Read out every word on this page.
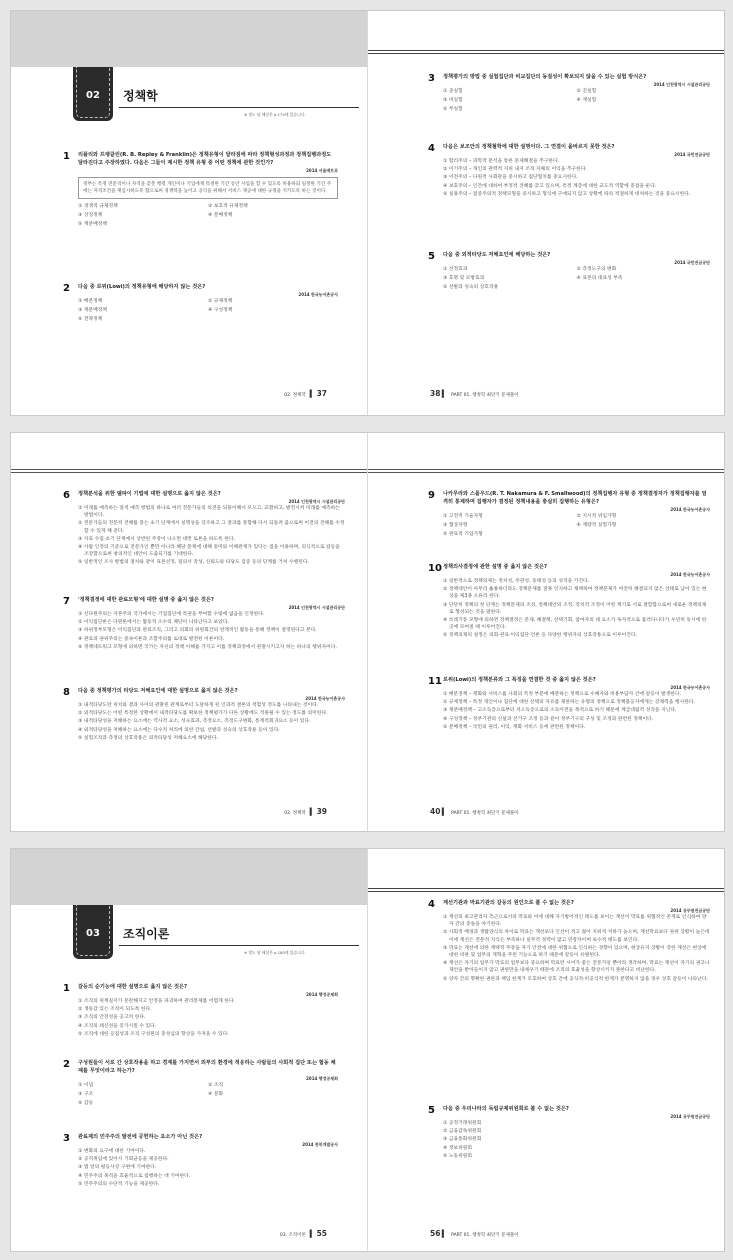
02	정책학
※ 별도 답 해설은 p.174에 있습니다.
1 리플리와 프랭클린(R. B. Repley & Franklin)은 정책유형이 달라짐에 따라 정책형성과정과 정책집행과정도 달라진다고 주장하였다. 다음은 그들이 제시한 정책 유형 중 어떤 정책에 관한 것인가?
2014 서울메트로
정부는 특정 전문직이나 자격을 갖춘 행렬 개인이나 기업에게 특정한 기간 동안 사업을 할 수 있도록 허용하되 일정한 기간 주에는 자격조건을 재심사하도록 함으로써 경쟁력을 높이고 공익을 위해서 서비스 제공에 대한 규정을 지키도록 하는 것이다.
① 경쟁적 규제정책	② 보호적 규제정책
③ 상징정책	④ 분배정책
⑤ 재분배정책
2 다음 중 로위(Lowi)의 정책유형에 해당하지 않는 것은?
2014 한국농어촌공사
① 배분정책	② 규제정책
③ 재분배정책	④ 구성정책
⑤ 전략정책
02. 정책학  ▍ 37
3 정책평가의 방법 중 실험집단과 비교집단의 동질성이 확보되지 않을 수 있는 실험 방식은?
2014 인천광역시 시설관리공단
① 준실험	② 진실험
③ 비실험	④ 재실험
⑤ 무실험
4 다음은 보조안의 정책철학에 대한 설명이다. 그 연결이 올바르지 못한 것은?
2014 국민연금공단
① 합리주의 – 과학적 분석을 통한 문제해결을 추구한다.
② 이기주의 – 개인의 관력적 지위 내지 조직 자체의 이익을 추구한다.
③ 이전주의 – 다원적 사회관을 중시하고 집단협치를 중요시한다.
④ 보호주의 – 인간에 대하여 부정적 견해를 갖고 있으며, 특정 계층에 대한 교도적 역할에 중점을 둔다.
⑤ 실용주의 – 점증주의적 정책모형을 중시하고 형식에 구애되지 않고 상황에 따라 적절하게 대처하는 것을 중요시한다.
5 다음 중 외적타당도 저해요인에 해당하는 것은?
2014 국민연금공단
① 선정효과	② 측정도구의 변화
③ 호명 및 모방효과	④ 표본의 대표성 부족
⑤ 선발과 성숙의 상호작용
38 ▍  PART 01. 행정학 최단기 문제풀이
6 정책분석을 위한 델파이 기법에 대한 설명으로 옳지 않은 것은?
2014 인천광역시 시설관리공단
① 미래를 예측하는 질적 예측 방법의 하나로 여러 전문가들의 의견을 되풀이해서 모으고, 교환하고, 발전시켜 미래를 예측하는 방법이다.
② 전문가들의 전문적 견해를 묻는 초기 단계에서 실명성을 강조하고 그 결과를 통합해 다시 되돌려 줌으로써 이전의 견해를 수정할 수 있게 해 준다.
③ 자료 수집 초기 단계에서 상반된 주장이 나오면 대면 토론을 하도록 한다.
④ 사람 인정의 기준으로 전문가인 뿐만 아니라 해당 문제에 대해 흥미와 이해관계가 있다는 점을 이용하며, 의식적으로 갈등을 조장함으로써 창의적인 대안이 도출되기를 기대한다.
⑤ 일반적인 조사 방법의 절차와 같이 표본선정, 질의서 작성, 신뢰도와 타당도 검증 등의 단계를 거쳐 수행된다.
7 '정책결정에 대한 관료모형'에 대한 설명 중 옳지 않은 것은?
2014 인천광역시 시설관리공단
① 신다원주의는 자본주의 국가에서는 기업집단에 특권을 부여할 수밖에 없음을 인정한다.
② 이익집단론은 다원론에서는 활동적 소수의 폐단이 나타난다고 보았다.
③ 하위정부모형은 이익집단과 관료조직, 그리고 의회의 위원회간의 연계적인 활동을 통해 정책이 결정된다고 본다.
④ 관료의 권위주의는 중속이론과 조합주의를 토대로 발전된 이론이다.
⑤ 정책네트워크 모형에 의하면 국가는 자신의 정책 이해를 가지고 이를 정책과정에서 관철시키고자 하는 하나의 행위자이다.
8 다음 중 정책평가의 타당도 저해요인에 대한 설명으로 옳지 않은 것은?
2014 한국농어촌공사
① 내적타당도란 처치와 결과 사이의 관찰된 관계로부터 도달하게 된 인과적 결론의 적합성 정도를 나타내는 것이다.
② 외적타당도는 어떤 특정한 상황에서 내적타당도를 확보한 정책평가가 다른 상황에도 적용될 수 있는 정도를 의미한다.
③ 내적타당성을 저해하는 요소에는 역사적 요소, 성숙효과, 측정요소, 측정도구변화, 통계적회귀요소 등이 있다.
④ 외적타당성을 저해하는 요소에는 다수적 처리에 의한 간섭, 선발과 성숙의 상호작용 등이 있다.
⑤ 실험조작과 측정의 상호작용은 외적타당성 저해요소에 해당한다.
02. 정책학  ▍ 39
9 나카무라와 스몰우드(R. T. Nakamura & F. Smallwood)의 정책집행자 유형 중 정책결정자가 정책집행자를 엄격히 통제하며 집행자가 결정된 정책내용을 충실히 집행하는 유형은?
2014 한국농어촌공사
① 고전적 기술자형	② 지시적 위임가형
③ 협상자형	④ 재량적 실험가형
⑤ 관료적 기업가형
10 정책의사결정에 관한 설명 중 옳지 않은 것은?
2014 한국농어촌공사
① 일반적으로 정책의제는 정치성, 주관성, 동태성 등의 성격을 가진다.
② 정책대안이 아무리 훌륭하더라도 정책문제를 잘못 인지하고 채택하여 정책문제가 여전히 해결되지 않은 상태로 남아 있는 현상을 제3종 오류라 한다.
③ 단단히 정책의 첫 단계는 정책문제의 조성, 정책대안의 조정, 정치적 조정이 어떤 계기로 서로 결합함으로써 새로운 정책의제로 형성되는 것을 말한다.
④ 쓰레기통 모형에 의하면 정책결정은 문제, 해결책, 선택기회, 참여자의 네 요소가 독자적으로 흘러다니다가 우연히 동시에 한 곳에 모여질 때 이루어진다.
⑤ 정책의제의 설정은 의회·관료·이익집단·언론 등 다양한 행위자의 상호작용으로 이루어진다.
11 로위(Lowi)의 정책분류와 그 특징을 연결한 것 중 옳지 않은 것은?
2014 한국농어촌공사
① 배분정책 – 재화와 서비스를 사회의 특정 부분에 배분하는 정책으로 수혜자와 비용부담자 간에 갈등이 발생한다.
② 규제정책 – 특정 개인이나 집단에 대한 선택의 자유를 제한하는 유형의 정책으로 정책불응자에게는 강제력을 행사한다.
③ 재분배정책 – 고소득층으로부터 저소득층으로의 소득이전을 목적으로 하기 때문에 계급대립적 성격을 지닌다.
④ 구성정책 – 정부기관의 신설과 선거구 조정 등과 같이 정부기구의 구성 및 조정과 관련된 정책이다.
⑤ 분배정책 – 국민의 권리, 이익, 재화 서비스 등에 관련된 정책이다.
40 ▍  PART 01. 행정학 최단기 문제풀이
03	조직이론
※ 별도 답 해설은 p.180에 있습니다.
1 갈등의 순기능에 대한 설명으로 옳지 않은 것은?
2014 행정공제회
① 조직의 위계질서가 문란해지고 안정을 파괴하여 관리통제를 어렵게 한다.
② 생동감 있는 조직이 되도록 한다.
③ 조직의 안전성을 공고히 한다.
④ 조직의 쇄신성을 증가시킬 수 있다.
⑤ 조직에 대한 응집성과 조직 구성원의 충성심의 향상을 가져올 수 있다.
2 구성원들이 서로 간 상호작용을 하고 경계를 가지면서 외부의 환경에 적응하는 사람들의 사회적 집단 또는 협동 체제를 무엇이라고 하는가?
2014 행정공제회
① 이념	② 조직
③ 구조	④ 문화
⑤ 감등
3 관료제의 민주주의 발전에 공헌하는 요소가 아닌 것은?
2014 전북개발공사
① 변화의 요구에 대한 기여이다.
② 공적취임에 있어서 기회균등을 제공한다.
③ 법 앞의 평등사상 구현에 기여한다.
④ 민주주의 목적을 효율적으로 집행하는 데 기여한다.
⑤ 민주주의의 수단적 기능을 제공한다.
03. 조직이론  ▍ 55
4 계선기관과 막료기관의 갈등의 원인으로 볼 수 없는 것은?
2014 공무원연금공단
① 계선의 최고관리자 측근으로서의 막료와 이에 대해 자기방어적인 태도를 보이는 계선이 막료를 위협적인 존재로 인식하여 양자 간의 충돌을 야기한다.
② 사회적 배경과 생활양식의 차이로 막료는 계선보다 인선이 적고 젊어 지위적 저하가 높으며, 계선막료보다 권위 상황이 높은데 이에 계선은 전문적 지식은 부족하나 실무적 경력이 많고 연장자이며 보수적 태도를 보인다.
③ 막료는 계선에 의한 재택적 주장을 자기 안전에 대한 위협으로 인식하는 경향이 있으며, 현상유지 상황이 강한 계선은 현상에 대한 비판 및 업무의 개혁을 주된 기능으로 하기 때문에 갈등이 유발된다.
④ 계선은 자기의 업무가 막료의 업무보다 중요하며 막료란 시어가 좋은 전문가일 뿐이라 생각하며, 막료는 계선이 자기의 권고나 제안을 받아들이지 않고 권한만을 내세우기 때문에 조직의 효율성을 향상시키지 못한다고 비난한다.
⑤ 양자 간의 명확한 권한과 책임 한계가 모호하여 상호 간에 공식적·비공식적 한계가 분명하지 않을 경우 상호 갈등이 나타난다.
5 다음 중 우리나라의 독립규제위원회로 볼 수 없는 것은?
2014 공무원연금공단
① 공정거래위원회
② 금융감독위원회
③ 금융통화위원회
④ 정보위원회
⑤ 노동위원회
56 ▍  PART 01. 행정학 최단기 문제풀이
